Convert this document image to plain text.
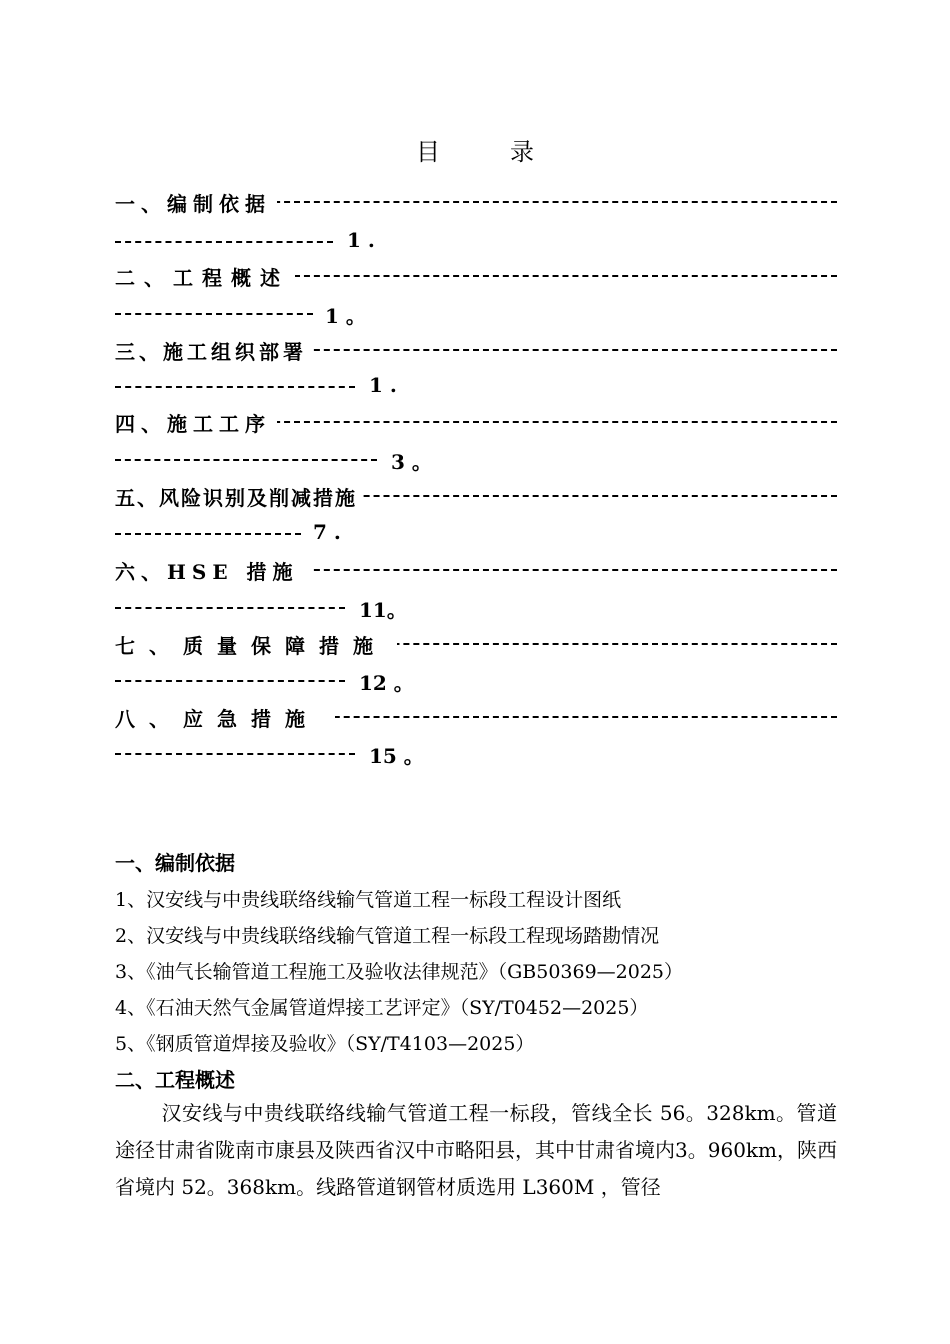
目	录
一、编制依据
1 .
二、工程概述
1 。
三、施工组织部署
1 .
四、施工工序
3 。
五、风险识别及削减措施
7 .
六、HSE 措施
11。
七、质量保障措施
12 。
八、应急措施
15 。
一、编制依据
1、汉安线与中贵线联络线输气管道工程一标段工程设计图纸
2、汉安线与中贵线联络线输气管道工程一标段工程现场踏勘情况
3、《油气长输管道工程施工及验收法律规范》（GB50369—2025）
4、《石油天然气金属管道焊接工艺评定》（SY/T0452—2025）
5、《钢质管道焊接及验收》（SY/T4103—2025）
二、工程概述
汉安线与中贵线联络线输气管道工程一标段，管线全长 56。328km。管道途径甘肃省陇南市康县及陕西省汉中市略阳县，其中甘肃省境内3。960km，陕西省境内 52。368km。线路管道钢管材质选用 L360M ，管径
